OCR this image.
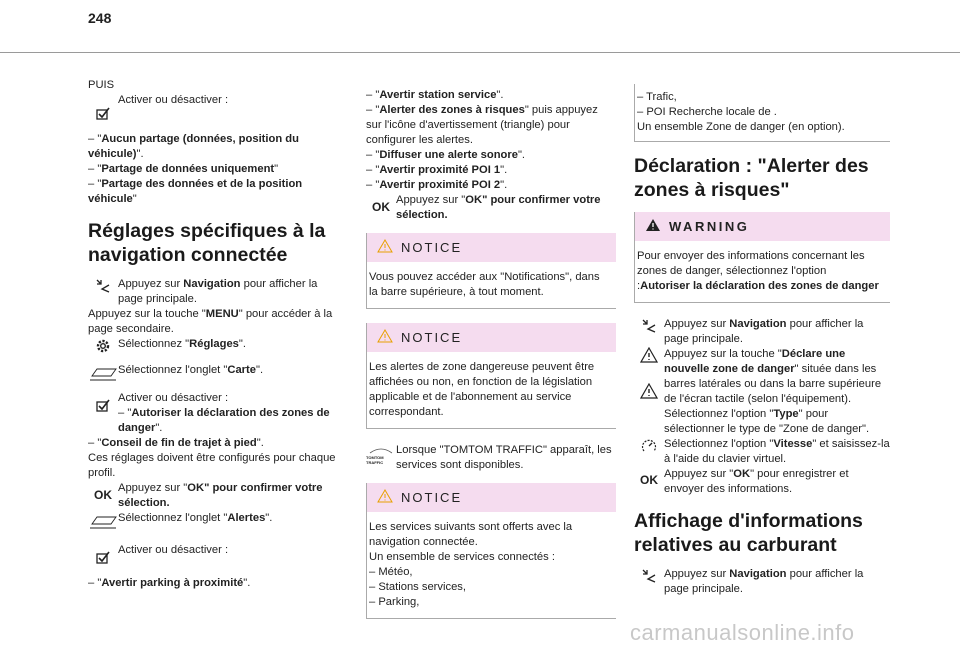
248
PUIS
Activer ou désactiver :
– "Aucun partage (données, position du véhicule)".
– "Partage de données uniquement"
– "Partage des données et de la position véhicule"
Réglages spécifiques à la navigation connectée
Appuyez sur Navigation pour afficher la page principale.
Appuyez sur la touche "MENU" pour accéder à la page secondaire.
Sélectionnez "Réglages".
Sélectionnez l'onglet "Carte".
Activer ou désactiver :
– "Autoriser la déclaration des zones de danger".
– "Conseil de fin de trajet à pied".
Ces réglages doivent être configurés pour chaque profil.
OK Appuyez sur "OK" pour confirmer votre sélection.
Sélectionnez l'onglet "Alertes".
Activer ou désactiver :
– "Avertir parking à proximité".
– "Avertir station service".
– "Alerter des zones à risques" puis appuyez sur l'icône d'avertissement (triangle) pour configurer les alertes.
– "Diffuser une alerte sonore".
– "Avertir proximité POI 1".
– "Avertir proximité POI 2".
OK Appuyez sur "OK" pour confirmer votre sélection.
NOTICE
Vous pouvez accéder aux "Notifications", dans la barre supérieure, à tout moment.
NOTICE
Les alertes de zone dangereuse peuvent être affichées ou non, en fonction de la législation applicable et de l'abonnement au service correspondant.
TOMTOM TRAFFIC
Lorsque "TOMTOM TRAFFIC" apparaît, les services sont disponibles.
NOTICE
Les services suivants sont offerts avec la navigation connectée.
Un ensemble de services connectés :
– Météo,
– Stations services,
– Parking,
– Trafic,
– POI Recherche locale de .
Un ensemble Zone de danger (en option).
Déclaration : "Alerter des zones à risques"
WARNING
Pour envoyer des informations concernant les zones de danger, sélectionnez l'option :Autoriser la déclaration des zones de danger
Appuyez sur Navigation pour afficher la page principale.
Appuyez sur la touche "Déclare une nouvelle zone de danger" située dans les barres latérales ou dans la barre supérieure de l'écran tactile (selon l'équipement).
Sélectionnez l'option "Type" pour sélectionner le type de "Zone de danger".
Sélectionnez l'option "Vitesse" et saisissez-la à l'aide du clavier virtuel.
OK Appuyez sur "OK" pour enregistrer et envoyer des informations.
Affichage d'informations relatives au carburant
Appuyez sur Navigation pour afficher la page principale.
carmanualsonline.info
